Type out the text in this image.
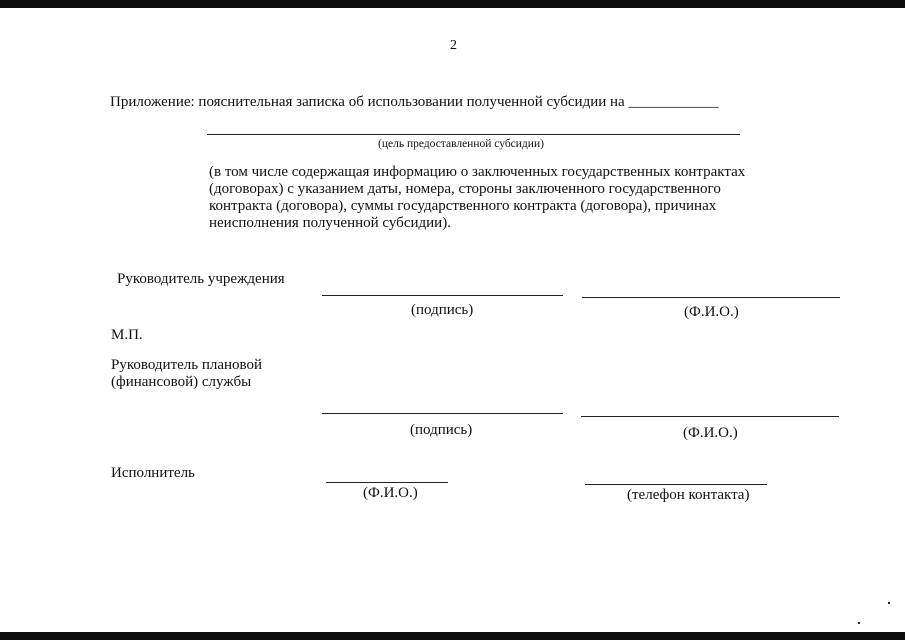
2
Приложение: пояснительная записка об использовании полученной субсидии на ____________
(цель предоставленной субсидии)
(в том числе содержащая информацию о заключенных государственных контрактах
(договорах) с указанием даты, номера, стороны заключенного государственного
контракта (договора), суммы государственного контракта (договора), причинах
неисполнения полученной субсидии).
Руководитель учреждения
(подпись)	(Ф.И.О.)
М.П.
Руководитель плановой
(финансовой) службы
(подпись)	(Ф.И.О.)
Исполнитель
(Ф.И.О.)	(телефон контакта)
